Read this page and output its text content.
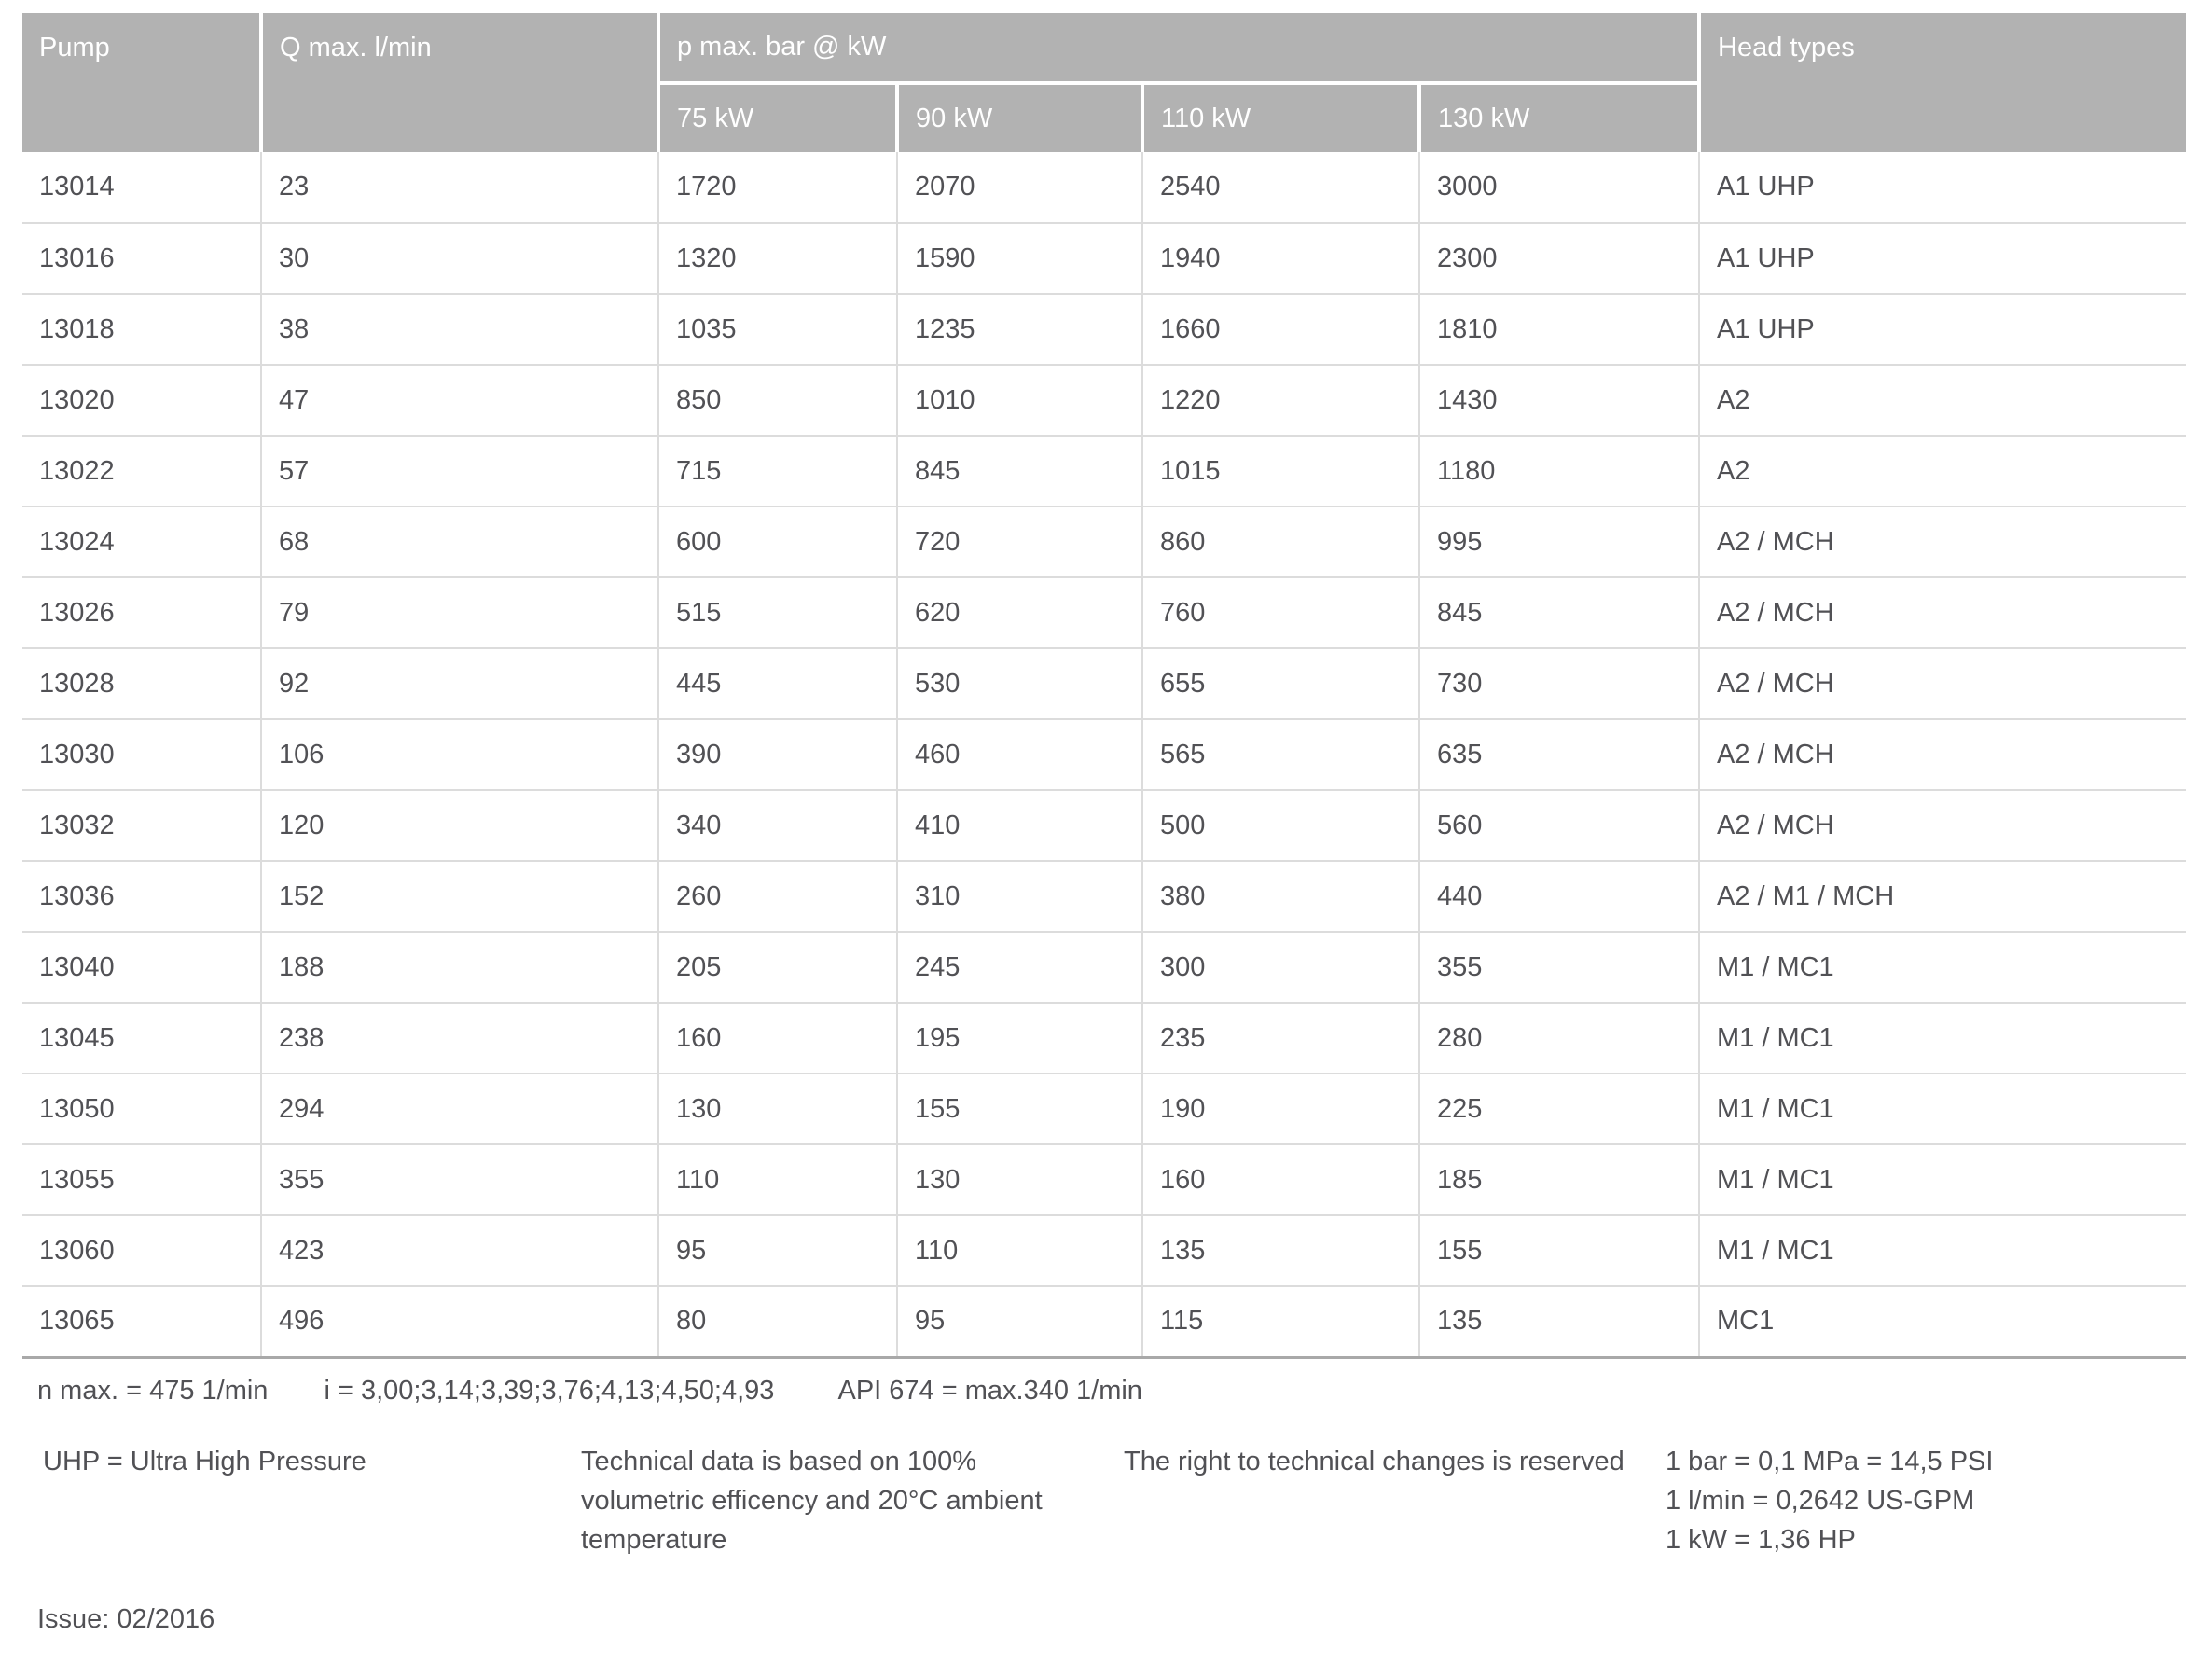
Pump	Q max. l/min	p max. bar @ kW				Head types
		75 kW	90 kW	110 kW	130 kW	
13014	23	1720	2070	2540	3000	A1 UHP
13016	30	1320	1590	1940	2300	A1 UHP
13018	38	1035	1235	1660	1810	A1 UHP
13020	47	850	1010	1220	1430	A2
13022	57	715	845	1015	1180	A2
13024	68	600	720	860	995	A2 / MCH
13026	79	515	620	760	845	A2 / MCH
13028	92	445	530	655	730	A2 / MCH
13030	106	390	460	565	635	A2 / MCH
13032	120	340	410	500	560	A2 / MCH
13036	152	260	310	380	440	A2 / M1 / MCH
13040	188	205	245	300	355	M1 / MC1
13045	238	160	195	235	280	M1 / MC1
13050	294	130	155	190	225	M1 / MC1
13055	355	110	130	160	185	M1 / MC1
13060	423	95	110	135	155	M1 / MC1
13065	496	80	95	115	135	MC1
n max. = 475 1/min i = 3,00;3,14;3,39;3,76;4,13;4,50;4,93 API 674 = max.340 1/min
UHP = Ultra High Pressure	Technical data is based on 100%
volumetric efficency and 20°C ambient
temperature
The right to technical changes is reserved 1 bar = 0,1 MPa = 14,5 PSI
1 l/min = 0,2642 US-GPM
1 kW = 1,36 HP
Issue: 02/2016
